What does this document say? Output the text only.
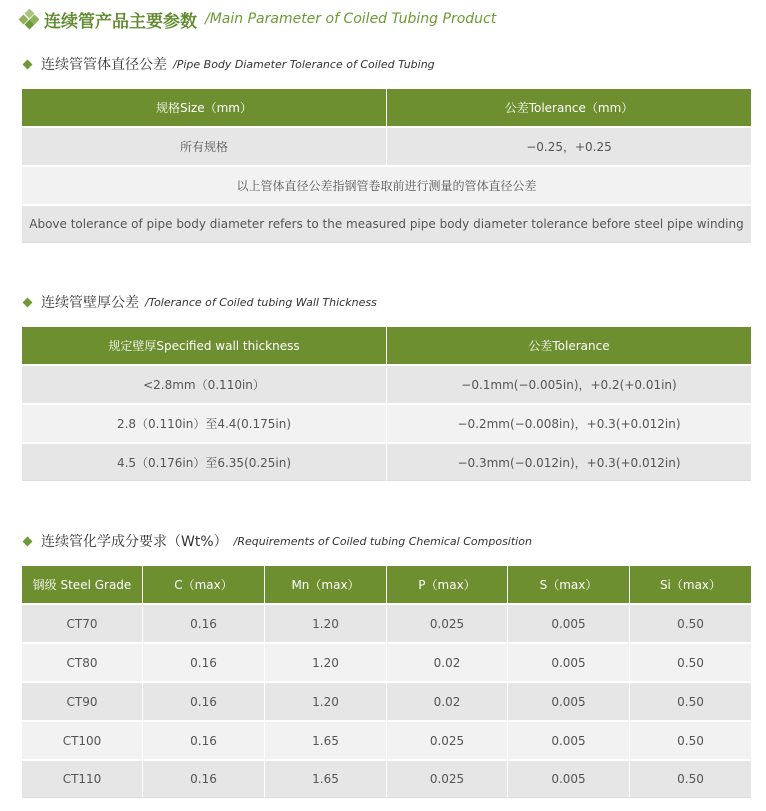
连续管产品主要参数 /Main Parameter of Coiled Tubing Product
连续管管体直径公差 /Pipe Body Diameter Tolerance of Coiled Tubing
规格Size（mm）	公差Tolerance（mm）
所有规格	−0.25，+0.25
以上管体直径公差指钢管卷取前进行测量的管体直径公差	
Above tolerance of pipe body diameter refers to the measured pipe body diameter tolerance before steel pipe winding	
连续管壁厚公差 /Tolerance of Coiled tubing Wall Thickness
规定壁厚Specified wall thickness	公差Tolerance
<2.8mm（0.110in）	−0.1mm(−0.005in)，+0.2(+0.01in)
2.8（0.110in）至4.4(0.175in)	−0.2mm(−0.008in)，+0.3(+0.012in)
4.5（0.176in）至6.35(0.25in)	−0.3mm(−0.012in)，+0.3(+0.012in)
连续管化学成分要求（Wt%） /Requirements of Coiled tubing Chemical Composition
钢级 Steel Grade	C（max）	Mn（max）	P（max）	S（max）	Si（max）
CT70	0.16	1.20	0.025	0.005	0.50
CT80	0.16	1.20	0.02	0.005	0.50
CT90	0.16	1.20	0.02	0.005	0.50
CT100	0.16	1.65	0.025	0.005	0.50
CT110	0.16	1.65	0.025	0.005	0.50
